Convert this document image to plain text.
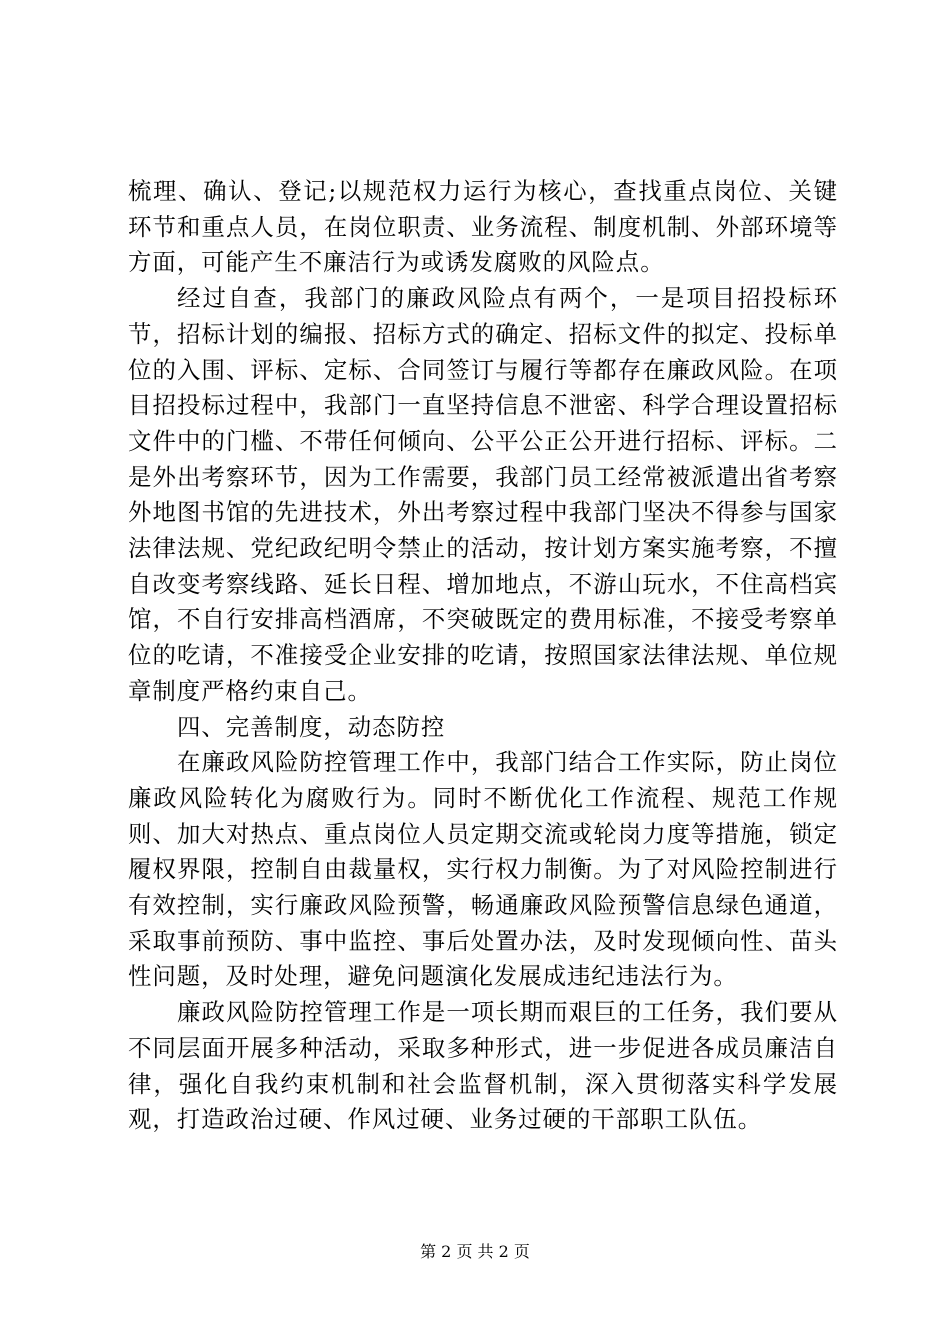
梳理、确认、登记;以规范权力运行为核心，查找重点岗位、关键环节和重点人员，在岗位职责、业务流程、制度机制、外部环境等方面，可能产生不廉洁行为或诱发腐败的风险点。

经过自查，我部门的廉政风险点有两个，一是项目招投标环节，招标计划的编报、招标方式的确定、招标文件的拟定、投标单位的入围、评标、定标、合同签订与履行等都存在廉政风险。在项目招投标过程中，我部门一直坚持信息不泄密、科学合理设置招标文件中的门槛、不带任何倾向、公平公正公开进行招标、评标。二是外出考察环节，因为工作需要，我部门员工经常被派遣出省考察外地图书馆的先进技术，外出考察过程中我部门坚决不得参与国家法律法规、党纪政纪明令禁止的活动，按计划方案实施考察，不擅自改变考察线路、延长日程、增加地点，不游山玩水，不住高档宾馆，不自行安排高档酒席，不突破既定的费用标准，不接受考察单位的吃请，不准接受企业安排的吃请，按照国家法律法规、单位规章制度严格约束自己。

四、完善制度，动态防控

在廉政风险防控管理工作中，我部门结合工作实际，防止岗位廉政风险转化为腐败行为。同时不断优化工作流程、规范工作规则、加大对热点、重点岗位人员定期交流或轮岗力度等措施，锁定履权界限，控制自由裁量权，实行权力制衡。为了对风险控制进行有效控制，实行廉政风险预警，畅通廉政风险预警信息绿色通道，采取事前预防、事中监控、事后处置办法，及时发现倾向性、苗头性问题，及时处理，避免问题演化发展成违纪违法行为。

廉政风险防控管理工作是一项长期而艰巨的工任务，我们要从不同层面开展多种活动，采取多种形式，进一步促进各成员廉洁自律，强化自我约束机制和社会监督机制，深入贯彻落实科学发展观，打造政治过硬、作风过硬、业务过硬的干部职工队伍。

第 2 页 共 2 页
